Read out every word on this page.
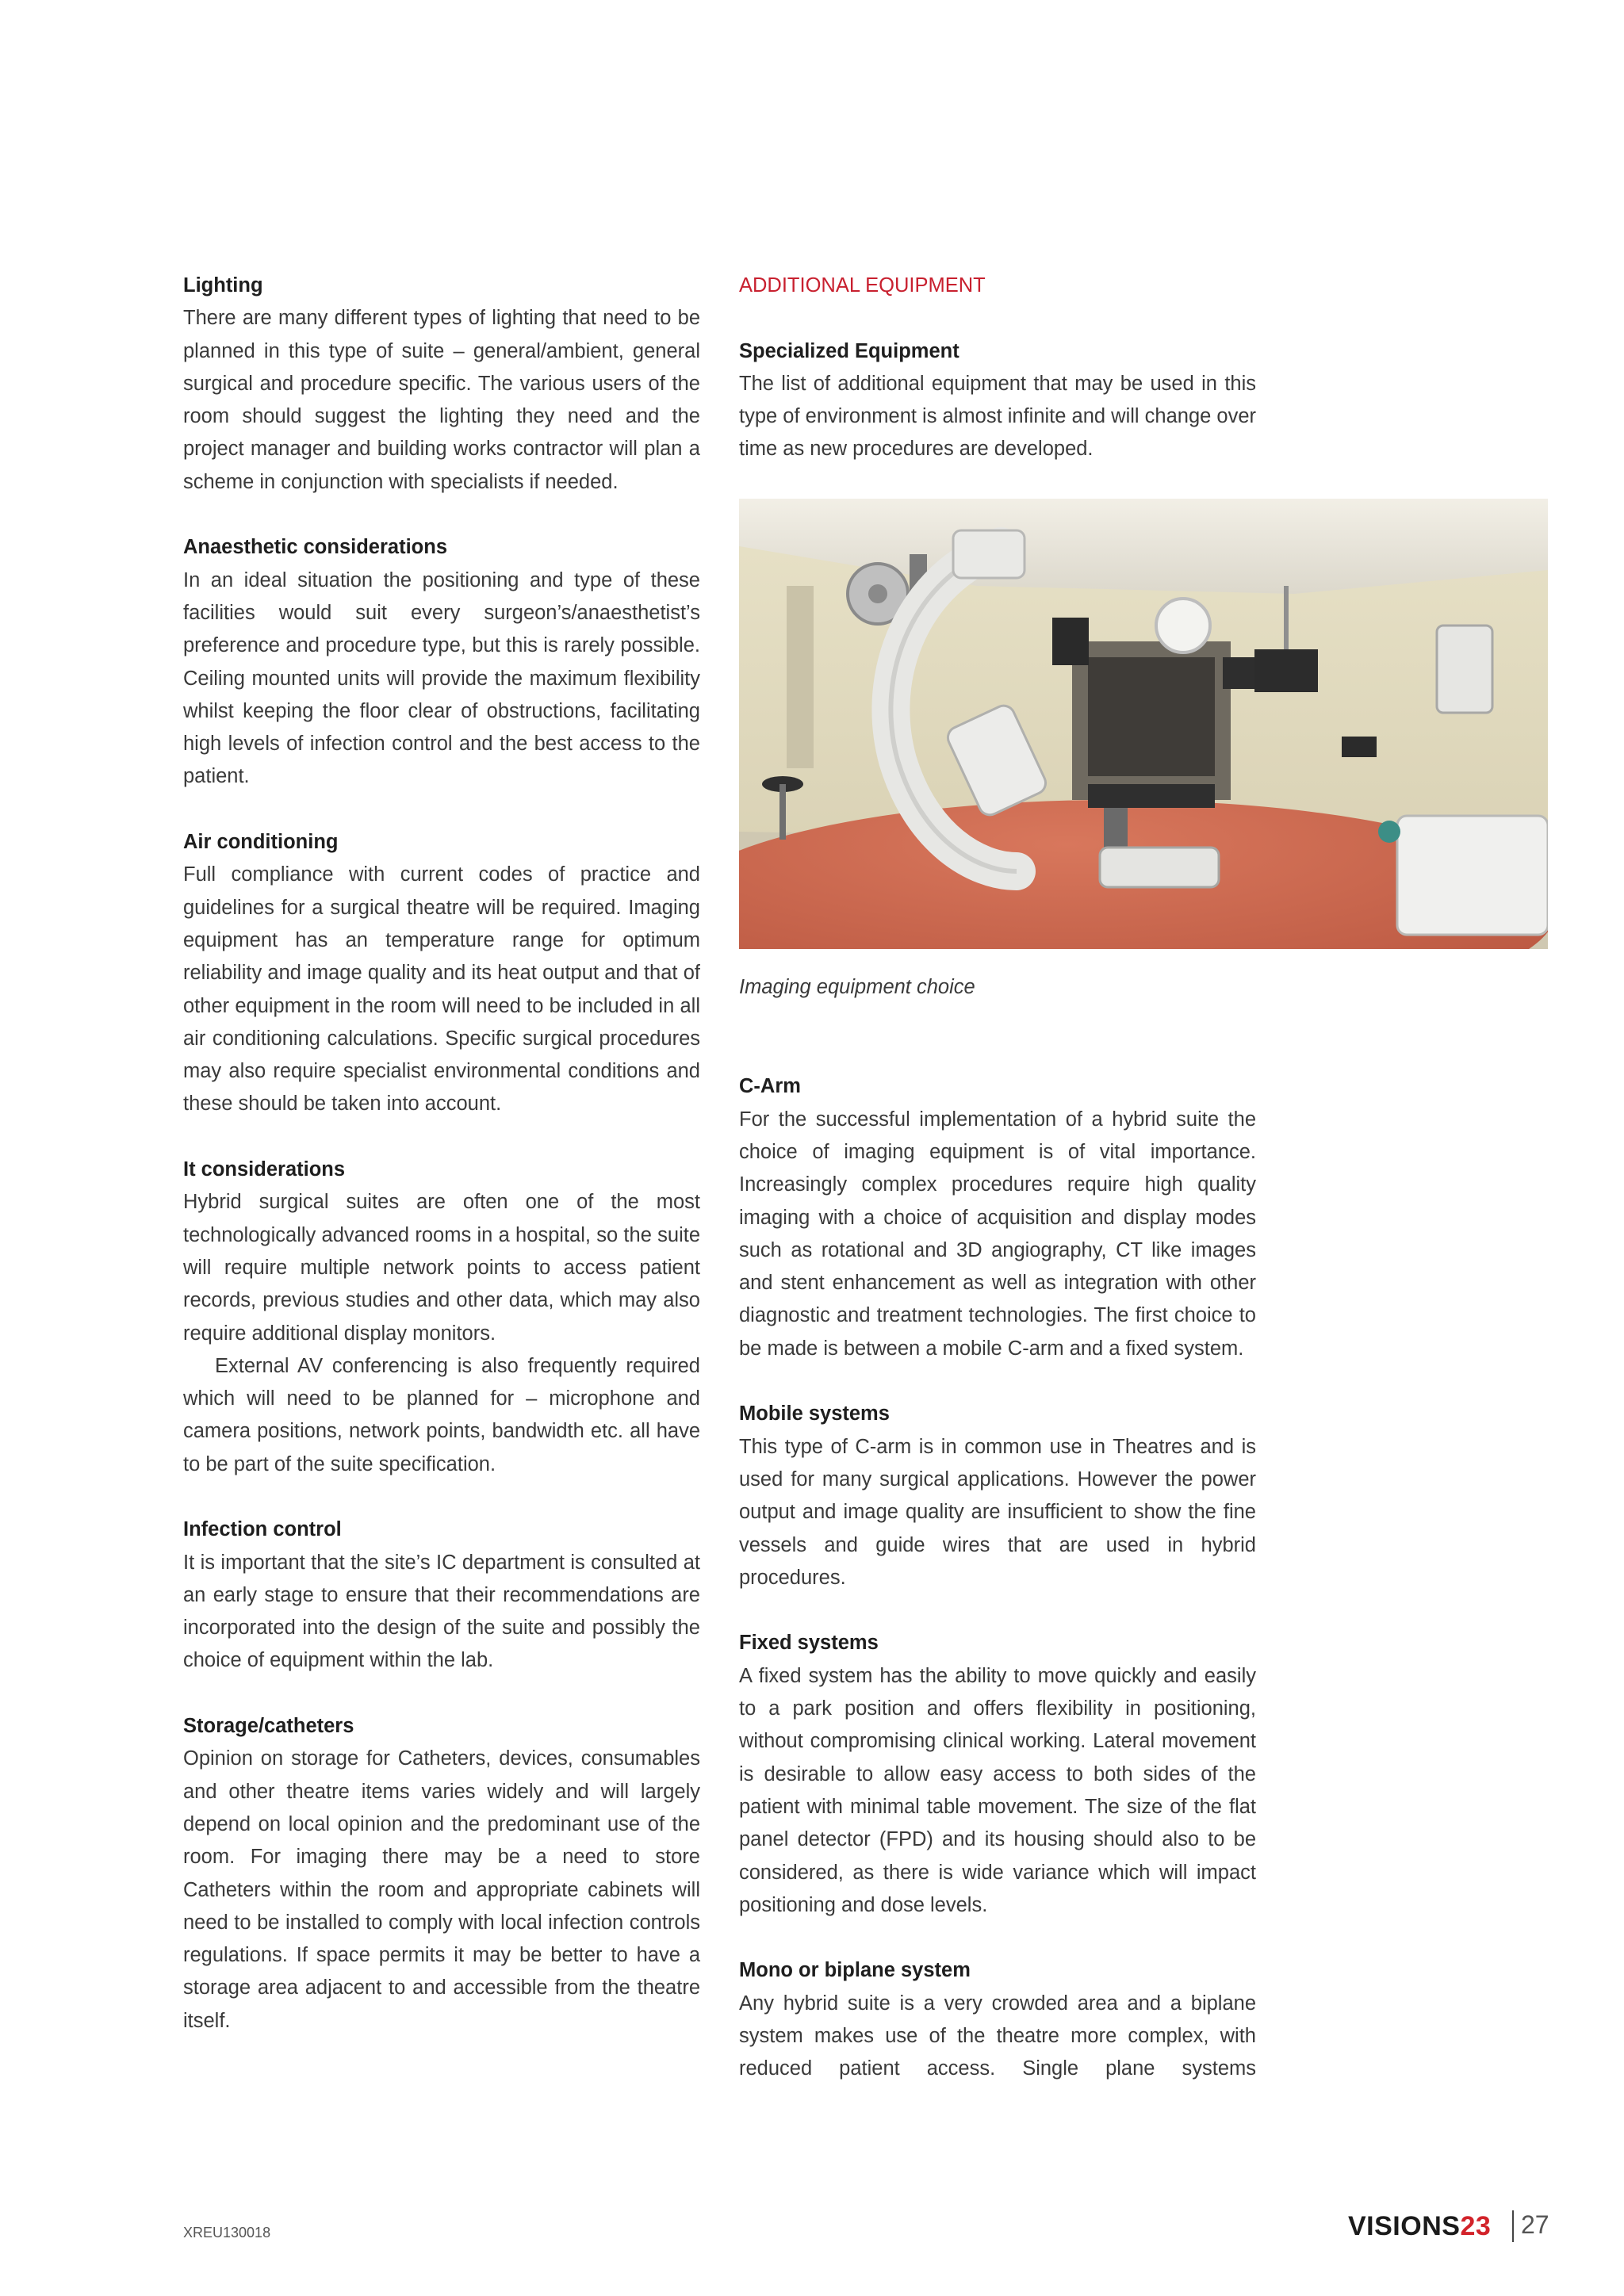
Lighting

There are many different types of lighting that need to be planned in this type of suite – general/ambient, general surgical and procedure specific. The various users of the room should suggest the lighting they need and the project manager and building works contractor will plan a scheme in conjunction with specialists if needed.

Anaesthetic considerations

In an ideal situation the positioning and type of these facilities would suit every surgeon’s/anaesthetist’s preference and procedure type, but this is rarely possible. Ceiling mounted units will provide the maximum flexibility whilst keeping the floor clear of obstructions, facilitating high levels of infection control and the best access to the patient.

Air conditioning

Full compliance with current codes of practice and guidelines for a surgical theatre will be required. Imaging equipment has an temperature range for optimum reliability and image quality and its heat output and that of other equipment in the room will need to be included in all air conditioning calculations. Specific surgical procedures may also require specialist environmental conditions and these should be taken into account.

It considerations

Hybrid surgical suites are often one of the most technologically advanced rooms in a hospital, so the suite will require multiple network points to access patient records, previous studies and other data, which may also require additional display monitors.

External AV conferencing is also frequently required which will need to be planned for – microphone and camera positions, network points, bandwidth etc. all have to be part of the suite specification.

Infection control

It is important that the site’s IC department is consulted at an early stage to ensure that their recommendations are incorporated into the design of the suite and possibly the choice of equipment within the lab.

Storage/catheters

Opinion on storage for Catheters, devices, consumables and other theatre items varies widely and will largely depend on local opinion and the predominant use of the room. For imaging there may be a need to store Catheters within the room and appropriate cabinets will need to be installed to comply with local infection controls regulations. If space permits it may be better to have a storage area adjacent to and accessible from the theatre itself.

ADDITIONAL EQUIPMENT
Specialized Equipment

The list of additional equipment that may be used in this type of environment is almost infinite and will change over time as new procedures are developed.

Imaging equipment choice
C-Arm

For the successful implementation of a hybrid suite the choice of imaging equipment is of vital importance. Increasingly complex procedures require high quality imaging with a choice of acquisition and display modes such as rotational and 3D angiography, CT like images and stent enhancement as well as integration with other diagnostic and treatment technologies. The first choice to be made is between a mobile C-arm and a fixed system.

Mobile systems

This type of C-arm is in common use in Theatres and is used for many surgical applications. However the power output and image quality are insufficient to show the fine vessels and guide wires that are used in hybrid procedures.

Fixed systems

A fixed system has the ability to move quickly and easily to a park position and offers flexibility in positioning, without compromising clinical working. Lateral movement is desirable to allow easy access to both sides of the patient with minimal table movement. The size of the flat panel detector (FPD) and its housing should also to be considered, as there is wide variance which will impact positioning and dose levels.

Mono or biplane system

Any hybrid suite is a very crowded area and a biplane system makes use of the theatre more complex, with reduced patient access. Single plane systems

XREU130018	VISIONS23 27
